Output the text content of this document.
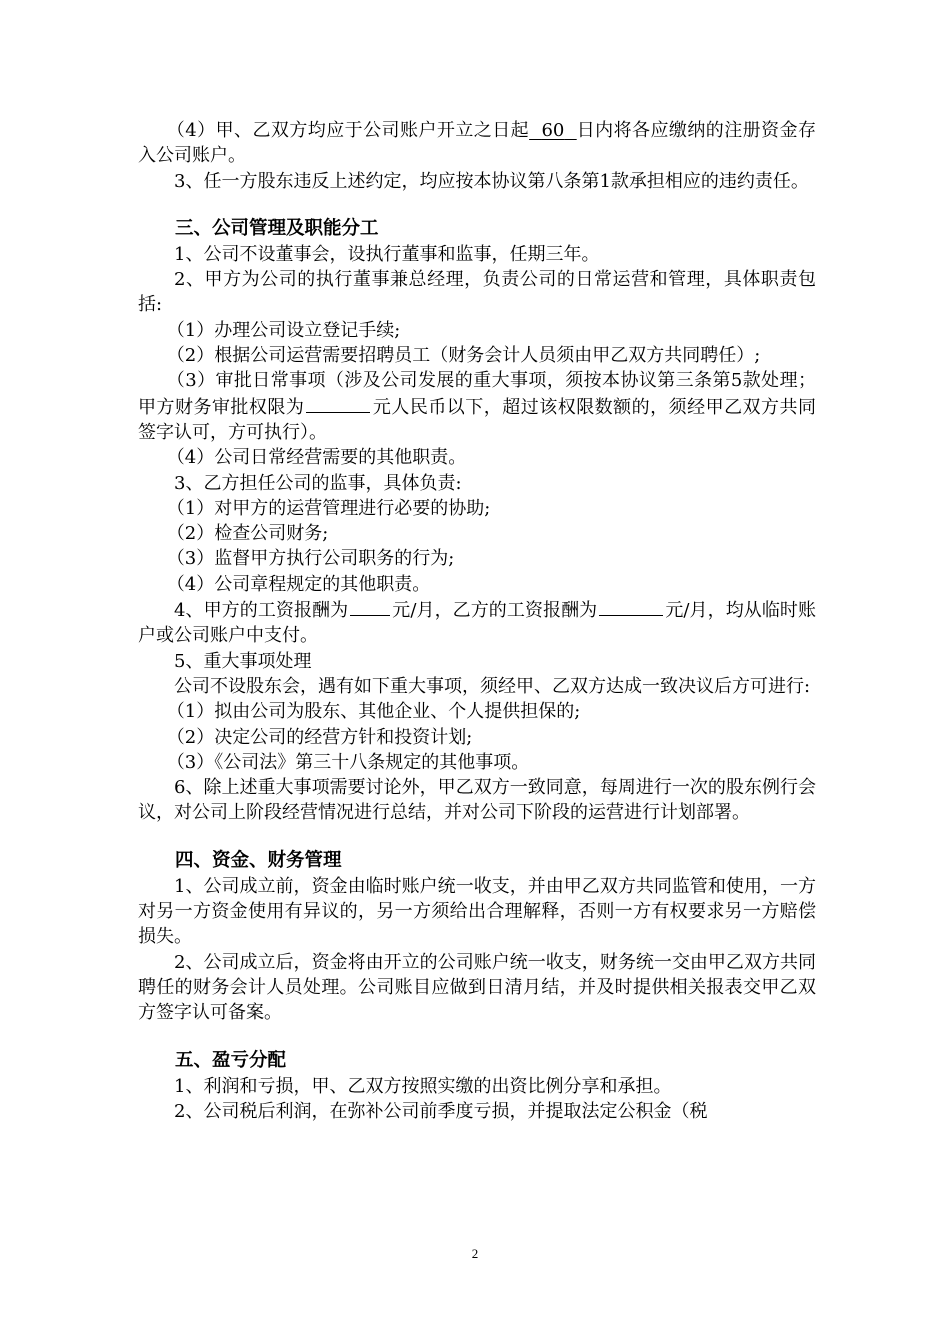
（4）甲、乙双方均应于公司账户开立之日起 60 日内将各应缴纳的注册资金存入公司账户。

3、任一方股东违反上述约定，均应按本协议第八条第1款承担相应的违约责任。

三、公司管理及职能分工

1、公司不设董事会，设执行董事和监事，任期三年。

2、甲方为公司的执行董事兼总经理，负责公司的日常运营和管理，具体职责包括:

（1）办理公司设立登记手续;

（2）根据公司运营需要招聘员工（财务会计人员须由甲乙双方共同聘任）;

（3）审批日常事项（涉及公司发展的重大事项，须按本协议第三条第5款处理；甲方财务审批权限为	元人民币以下，超过该权限数额的，须经甲乙双方共同签字认可，方可执行）。

（4）公司日常经营需要的其他职责。

3、乙方担任公司的监事，具体负责:

（1）对甲方的运营管理进行必要的协助;

（2）检查公司财务;

（3）监督甲方执行公司职务的行为;

（4）公司章程规定的其他职责。

4、甲方的工资报酬为 元/月，乙方的工资报酬为	元/月，均从临时账户或公司账户中支付。

5、重大事项处理

公司不设股东会，遇有如下重大事项，须经甲、乙双方达成一致决议后方可进行:

（1）拟由公司为股东、其他企业、个人提供担保的;

（2）决定公司的经营方针和投资计划;

（3）《公司法》第三十八条规定的其他事项。

6、除上述重大事项需要讨论外，甲乙双方一致同意，每周进行一次的股东例行会议，对公司上阶段经营情况进行总结，并对公司下阶段的运营进行计划部署。

四、资金、财务管理

1、公司成立前，资金由临时账户统一收支，并由甲乙双方共同监管和使用，一方对另一方资金使用有异议的，另一方须给出合理解释，否则一方有权要求另一方赔偿损失。

2、公司成立后，资金将由开立的公司账户统一收支，财务统一交由甲乙双方共同聘任的财务会计人员处理。公司账目应做到日清月结，并及时提供相关报表交甲乙双方签字认可备案。

五、盈亏分配

1、利润和亏损，甲、乙双方按照实缴的出资比例分享和承担。

2、公司税后利润，在弥补公司前季度亏损，并提取法定公积金（税

2
